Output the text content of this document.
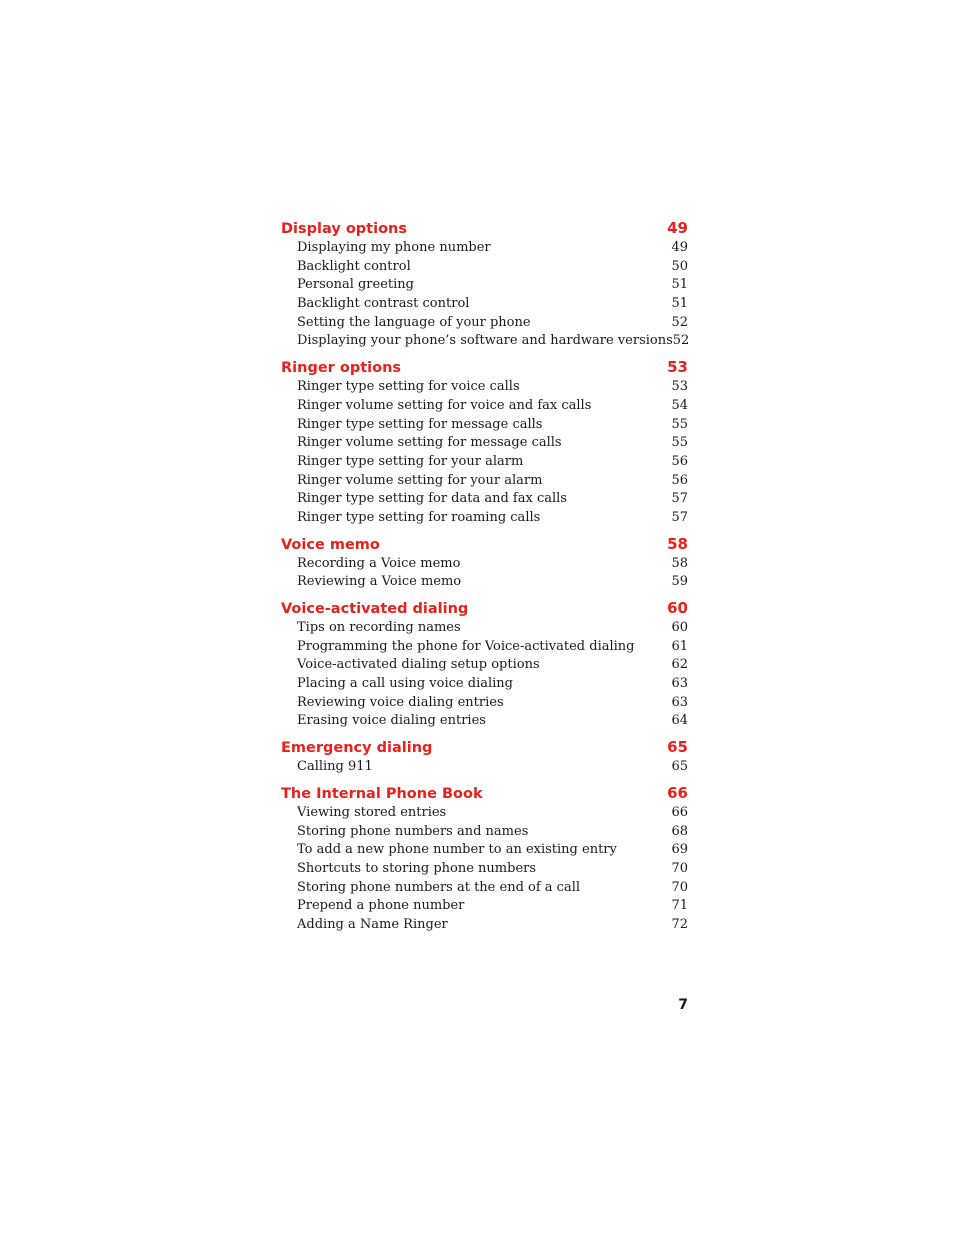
Display options	49
Displaying my phone number	49
Backlight control	50
Personal greeting	51
Backlight contrast control	51
Setting the language of your phone	52
Displaying your phone’s software and hardware versions 52
Ringer options	53
Ringer type setting for voice calls	53
Ringer volume setting for voice and fax calls	54
Ringer type setting for message calls	55
Ringer volume setting for message calls	55
Ringer type setting for your alarm	56
Ringer volume setting for your alarm	56
Ringer type setting for data and fax calls	57
Ringer type setting for roaming calls	57
Voice memo	58
Recording a Voice memo	58
Reviewing a Voice memo	59
Voice-activated dialing	60
Tips on recording names	60
Programming the phone for Voice-activated dialing	61
Voice-activated dialing setup options	62
Placing a call using voice dialing	63
Reviewing voice dialing entries	63
Erasing voice dialing entries	64
Emergency dialing	65
Calling 911	65
The Internal Phone Book	66
Viewing stored entries	66
Storing phone numbers and names	68
To add a new phone number to an existing entry	69
Shortcuts to storing phone numbers	70
Storing phone numbers at the end of a call	70
Prepend a phone number	71
Adding a Name Ringer	72
7
